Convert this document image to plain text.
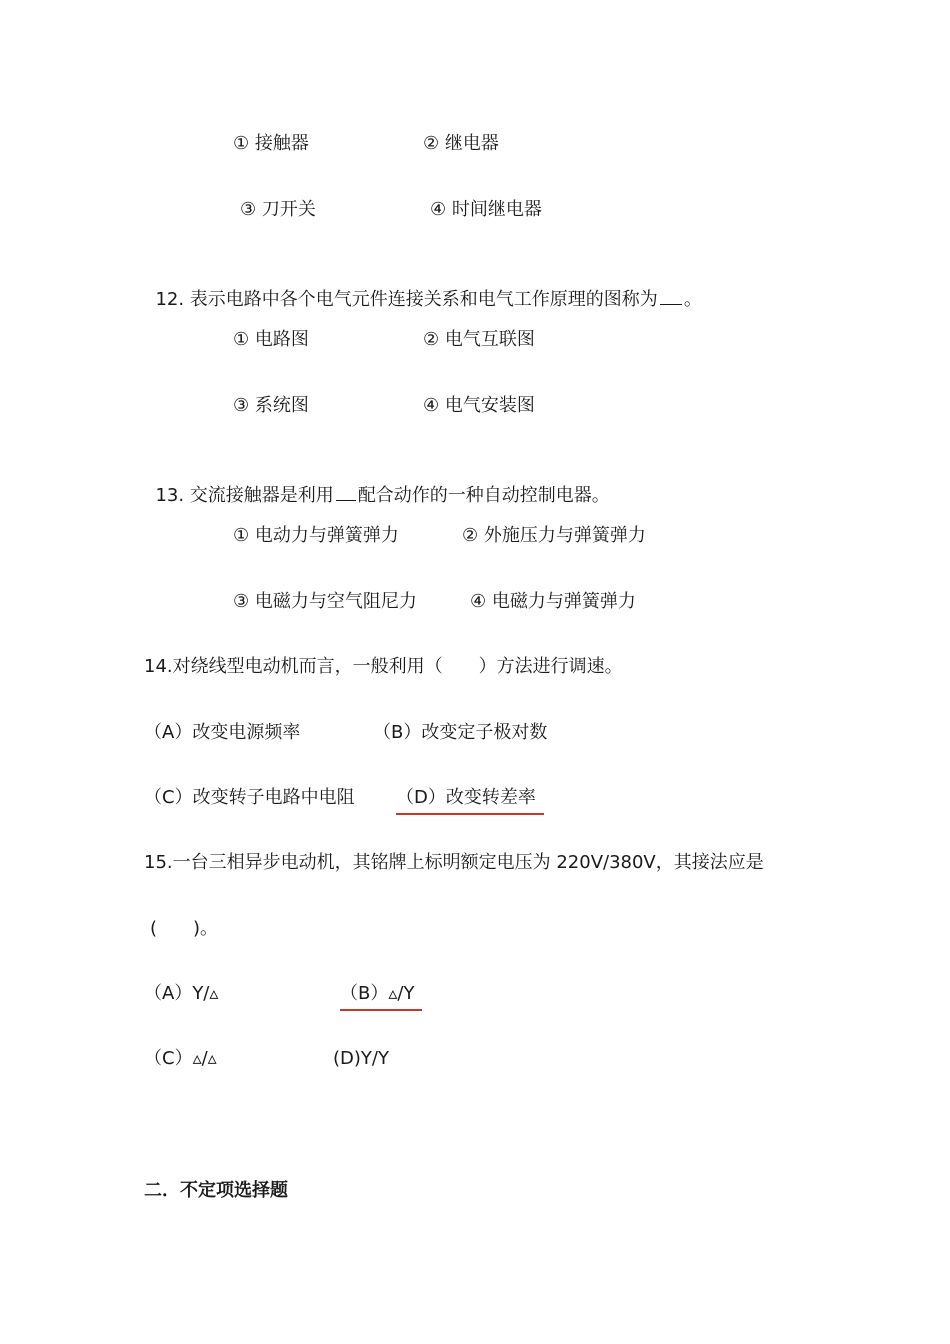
① 接触器	② 继电器
③ 刀开关	④ 时间继电器

12. 表示电路中各个电气元件连接关系和电气工作原理的图称为 。

① 电路图	② 电气互联图
③ 系统图	④ 电气安装图

13. 交流接触器是利用 配合动作的一种自动控制电器。

① 电动力与弹簧弹力	② 外施压力与弹簧弹力
③ 电磁力与空气阻尼力	④ 电磁力与弹簧弹力
14.对绕线型电动机而言，一般利用（　　）方法进行调速。
（A）改变电源频率	（B）改变定子极对数
（C）改变转子电路中电阻 （D）改变转差率
15.一台三相异步电动机，其铭牌上标明额定电压为 220V/380V，其接法应是
(　　)。
（A）Y/▵	（B）▵/Y
（C）▵/▵	(D)Y/Y
二．不定项选择题
